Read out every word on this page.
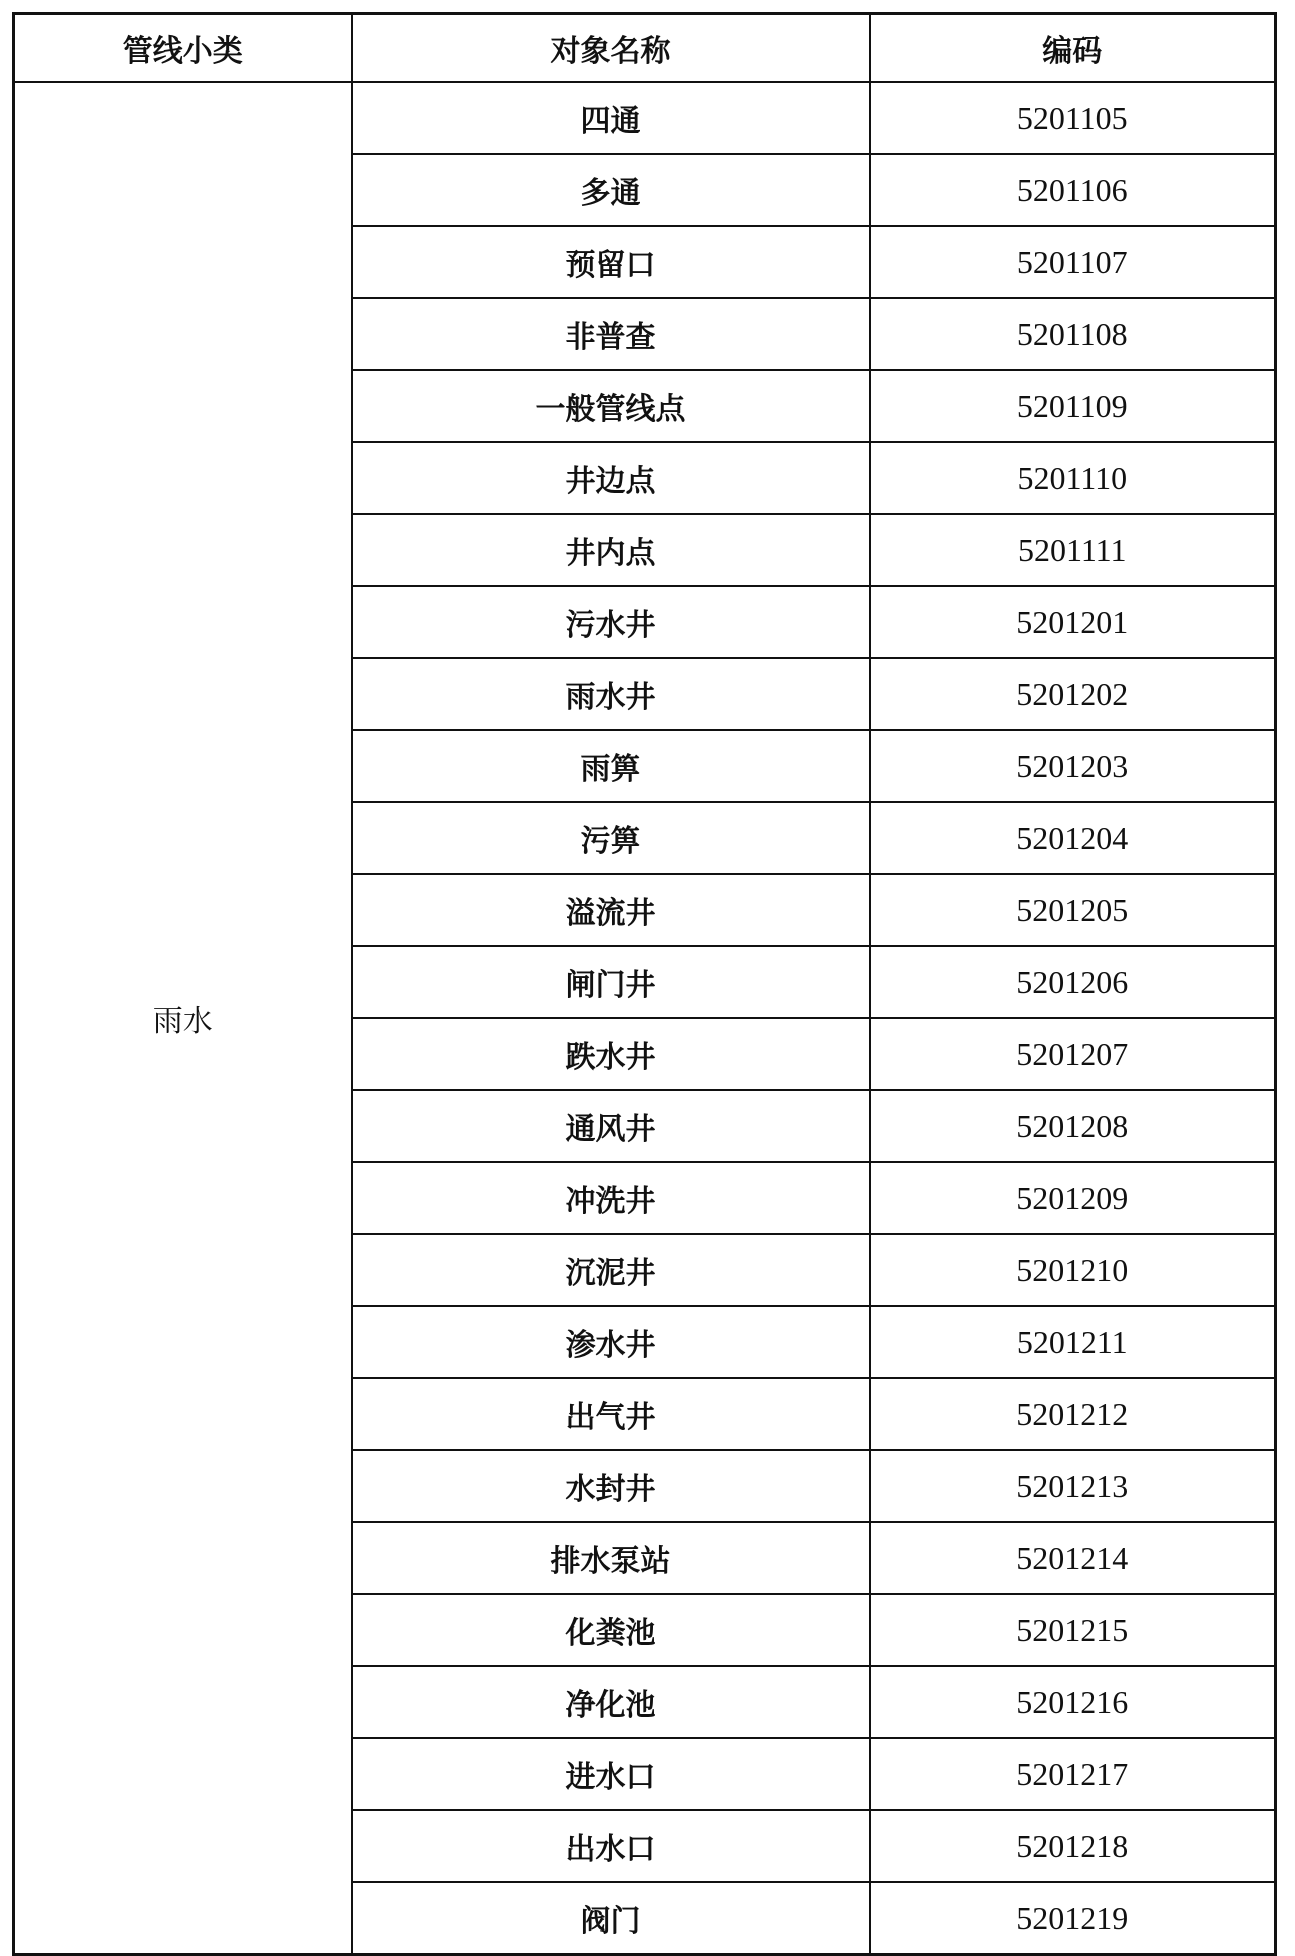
管线小类	对象名称	编码
雨水	四通	5201105
	多通	5201106
	预留口	5201107
	非普查	5201108
	一般管线点	5201109
	井边点	5201110
	井内点	5201111
	污水井	5201201
	雨水井	5201202
	雨箅	5201203
	污箅	5201204
	溢流井	5201205
	闸门井	5201206
	跌水井	5201207
	通风井	5201208
	冲洗井	5201209
	沉泥井	5201210
	渗水井	5201211
	出气井	5201212
	水封井	5201213
	排水泵站	5201214
	化粪池	5201215
	净化池	5201216
	进水口	5201217
	出水口	5201218
	阀门	5201219
